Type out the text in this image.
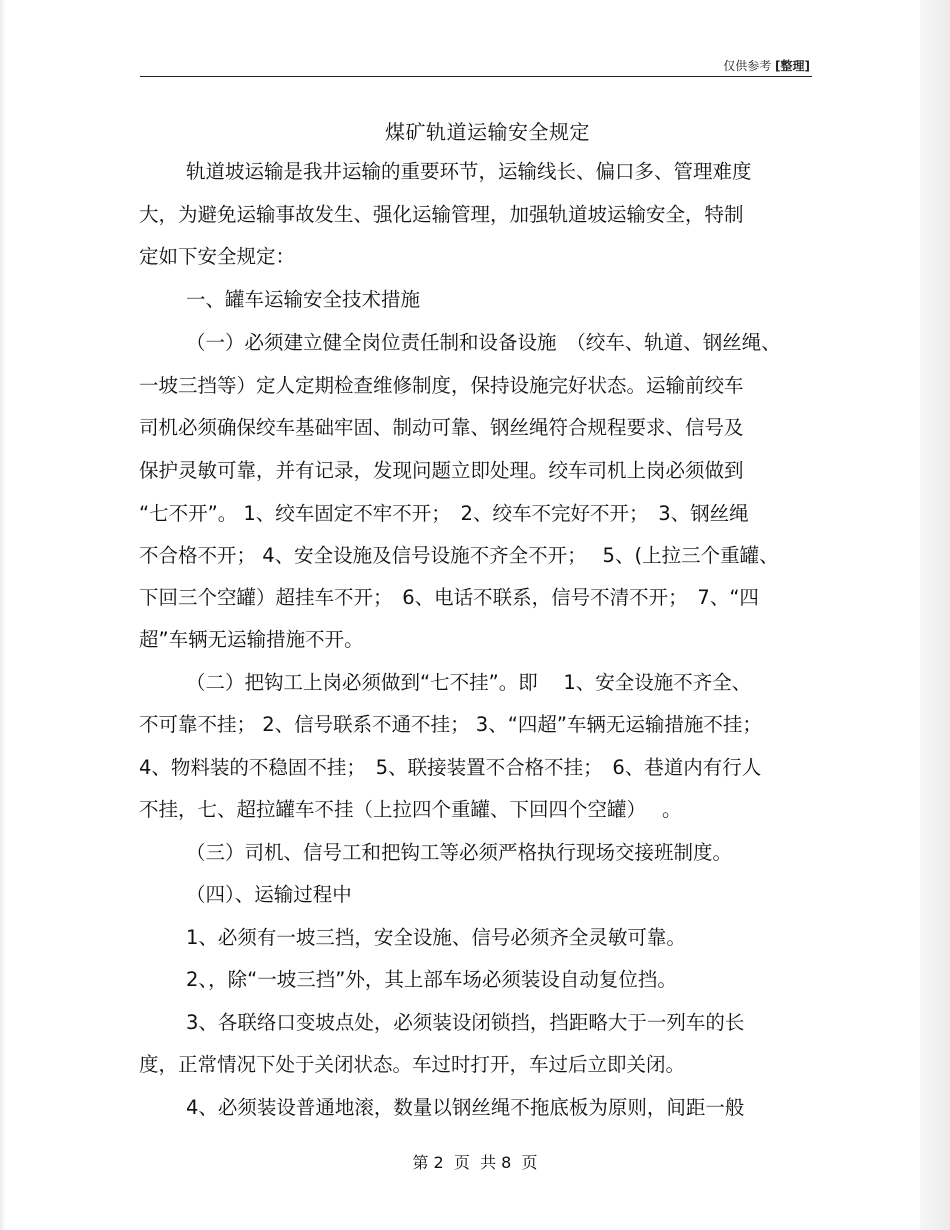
仅供参考 [整理]
煤矿轨道运输安全规定
轨道坡运输是我井运输的重要环节，运输线长、偏口多、管理难度
大，为避免运输事故发生、强化运输管理，加强轨道坡运输安全，特制
定如下安全规定：
一、罐车运输安全技术措施
（一）必须建立健全岗位责任制和设备设施　（绞车、轨道、钢丝绳、
一坡三挡等）定人定期检查维修制度，保持设施完好状态。运输前绞车
司机必须确保绞车基础牢固、制动可靠、钢丝绳符合规程要求、信号及
保护灵敏可靠，并有记录，发现问题立即处理。绞车司机上岗必须做到
“七不开”。 1、绞车固定不牢不开；　2、绞车不完好不开；　3、钢丝绳
不合格不开； 4、安全设施及信号设施不齐全不开；　 5、(上拉三个重罐、
下回三个空罐）超挂车不开；　6、电话不联系，信号不清不开；　7、“四
超”车辆无运输措施不开。
（二）把钩工上岗必须做到“七不挂”。即　 1、安全设施不齐全、
不可靠不挂； 2、信号联系不通不挂； 3、“四超”车辆无运输措施不挂；
4、物料装的不稳固不挂；　5、联接装置不合格不挂；　6、巷道内有行人
不挂，七、超拉罐车不挂（上拉四个重罐、下回四个空罐）　 。
（三）司机、信号工和把钩工等必须严格执行现场交接班制度。
（四）、运输过程中
1、必须有一坡三挡，安全设施、信号必须齐全灵敏可靠。
2、，除“一坡三挡”外，其上部车场必须装设自动复位挡。
3、各联络口变坡点处，必须装设闭锁挡，挡距略大于一列车的长
度，正常情况下处于关闭状态。车过时打开，车过后立即关闭。
4、必须装设普通地滚，数量以钢丝绳不拖底板为原则，间距一般
第 2  页  共 8  页
